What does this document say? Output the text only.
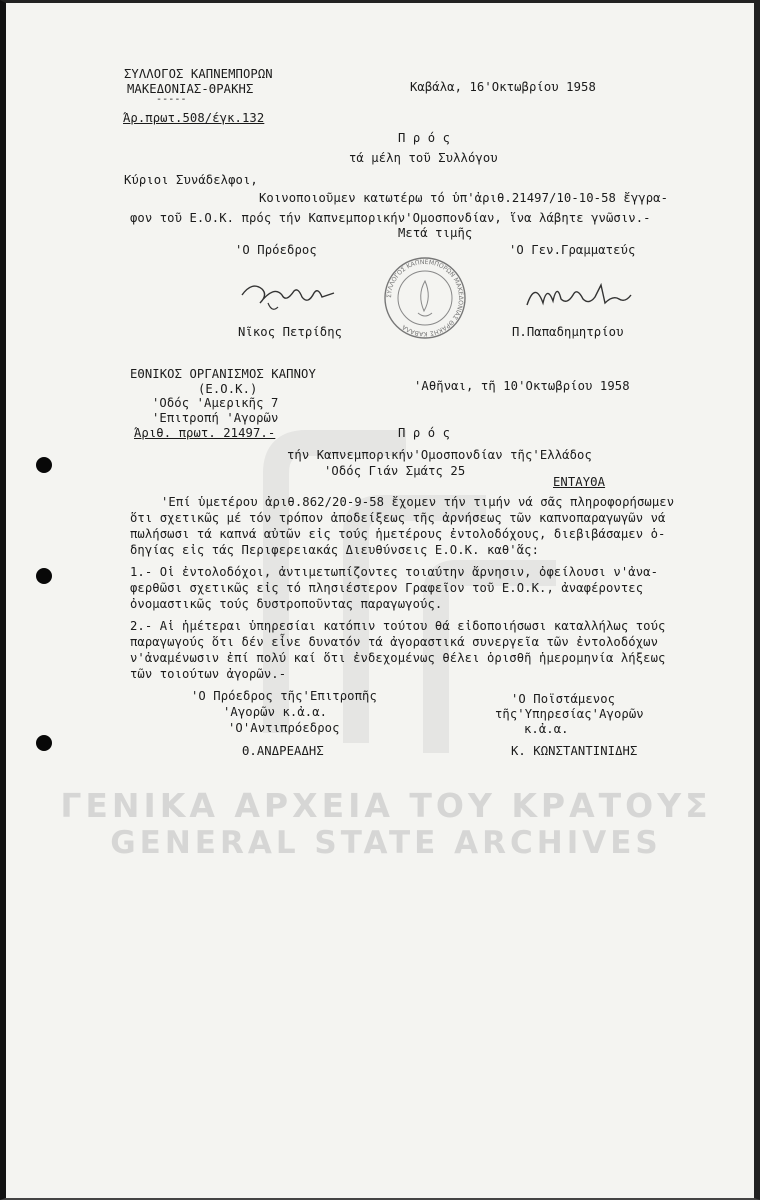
ΣΥΛΛΟΓΟΣ ΚΑΠΝΕΜΠΟΡΩΝ
ΜΑΚΕΔΟΝΙΑΣ-ΘΡΑΚΗΣ
-----
Καβάλα, 16'Οκτωβρίου 1958
Άρ.πρωτ.508/έγκ.132
Π ρ ό ς
τά μέλη τοῦ Συλλόγου
Κύριοι Συνάδελφοι,
Κοινοποιοῦμεν κατωτέρω τό ὑπ'ἀριθ.21497/10-10-58 ἔγγρα-
φον τοῦ Ε.Ο.Κ. πρός τήν Καπνεμπορικήν'Ομοσπονδίαν, ἵνα λάβητε γνῶσιν.-
Μετά τιμῆς
'Ο Πρόεδρος	'Ο Γεν.Γραμματεύς
ΣΥΛΛΟΓΟΣ ΚΑΠΝΕΜΠΟΡΩΝ ΜΑΚΕΔΟΝΙΑΣ ΘΡΑΚΗΣ ΚΑΒΑΛΑ
Νῖκος Πετρίδης	Π.Παπαδημητρίου
ΕΘΝΙΚΟΣ ΟΡΓΑΝΙΣΜΟΣ ΚΑΠΝΟΥ
(Ε.Ο.Κ.)	'Αθῆναι, τῆ 10'Οκτωβρίου 1958
'Οδός 'Αμερικῆς 7
'Επιτροπή 'Αγορῶν
Άριθ. πρωτ. 21497.-	Π ρ ό ς
τήν Καπνεμπορικήν'Ομοσπονδίαν τῆς'Ελλάδος
'Οδός Γιάν Σμάτς 25
ΕΝΤΑΥΘΑ
'Επί ὑμετέρου ἀριθ.862/20-9-58 ἔχομεν τήν τιμήν νά σᾶς πληροφορήσωμεν
ὅτι σχετικῶς μέ τόν τρόπον ἀποδείξεως τῆς ἀρνήσεως τῶν καπνοπαραγωγῶν νά
πωλήσωσι τά καπνά αὐτῶν εἰς τούς ἡμετέρους ἐντολοδόχους, διεβιβάσαμεν ὁ-
δηγίας εἰς τάς Περιφερειακάς Διευθύνσεις Ε.Ο.Κ. καθ'ἅς:
1.- Οἱ ἐντολοδόχοι, ἀντιμετωπίζοντες τοιαύτην ἄρνησιν, ὀφείλουσι ν'ἀνα-
φερθῶσι σχετικῶς εἰς τό πλησιέστερον Γραφεῖον τοῦ Ε.Ο.Κ., ἀναφέροντες
ὀνομαστικῶς τούς δυστροποῦντας παραγωγούς.
2.- Αἱ ἡμέτεραι ὑπηρεσίαι κατόπιν τούτου θά εἰδοποιήσωσι καταλλήλως τούς
παραγωγούς ὅτι δέν εἶνε δυνατόν τά ἀγοραστικά συνεργεῖα τῶν ἐντολοδόχων
ν'ἀναμένωσιν ἐπί πολύ καί ὅτι ἐνδεχομένως θέλει ὁρισθῆ ἡμερομηνία λήξεως
τῶν τοιούτων ἀγορῶν.-
'Ο Πρόεδρος τῆς'Επιτροπῆς
'Αγορῶν κ.ἀ.α.
'Ο'Αντιπρόεδρος
Θ.ΑΝΔΡΕΑΔΗΣ
'Ο Ποϊστάμενος
τῆς'Υπηρεσίας'Αγορῶν
κ.ἀ.α.
Κ. ΚΩΝΣΤΑΝΤΙΝΙΔΗΣ
ΓΕΝΙΚΑ ΑΡΧΕΙΑ ΤΟΥ ΚΡΑΤΟΥΣ
GENERAL STATE ARCHIVES
